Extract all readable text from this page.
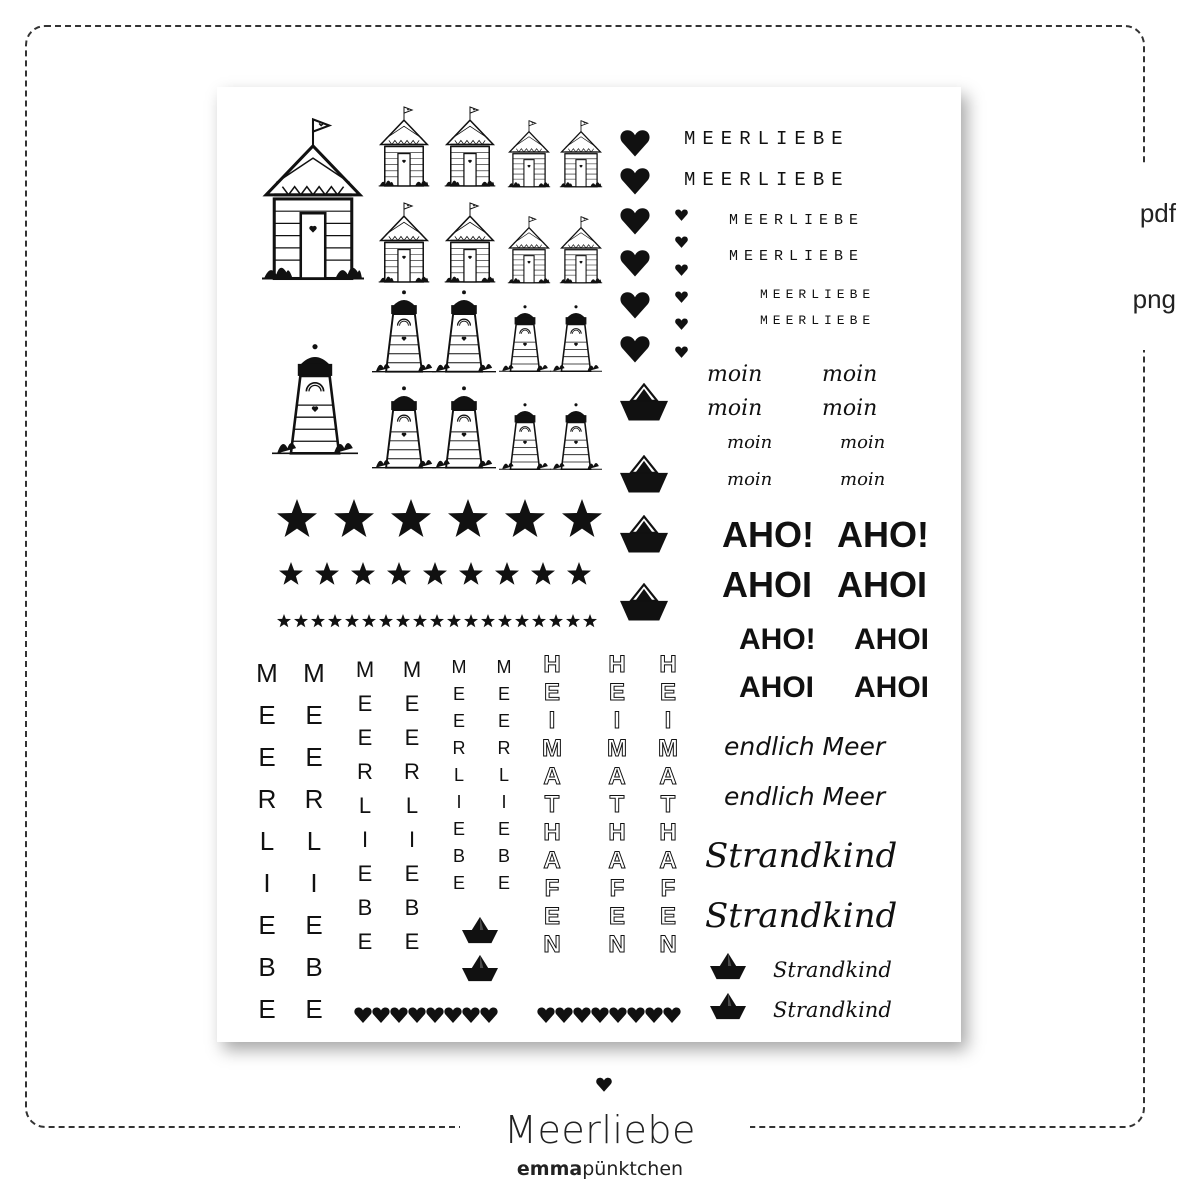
pdf
png
MEERLIEBE
MEERLIEBE
MEERLIEBE
MEERLIEBE
MEERLIEBE
MEERLIEBE
moin	moin
moin	moin
moin	moin
moin	moin
AHO! AHO!
AHOI AHOI
AHO! AHOI
AHOI AHOI
endlich Meer
endlich Meer
Strandkind
Strandkind
Strandkind
Strandkind
M E E R L I E B E
M E E R L I E B E
M E E R L I E B E
M E E R L I E B E
M E E R L I E B E
M E E R L I E B E
H E I M A T H A F E N
H E I M A T H A F E N
H E I M A T H A F E N
Meerliebe
emmapünktchen
